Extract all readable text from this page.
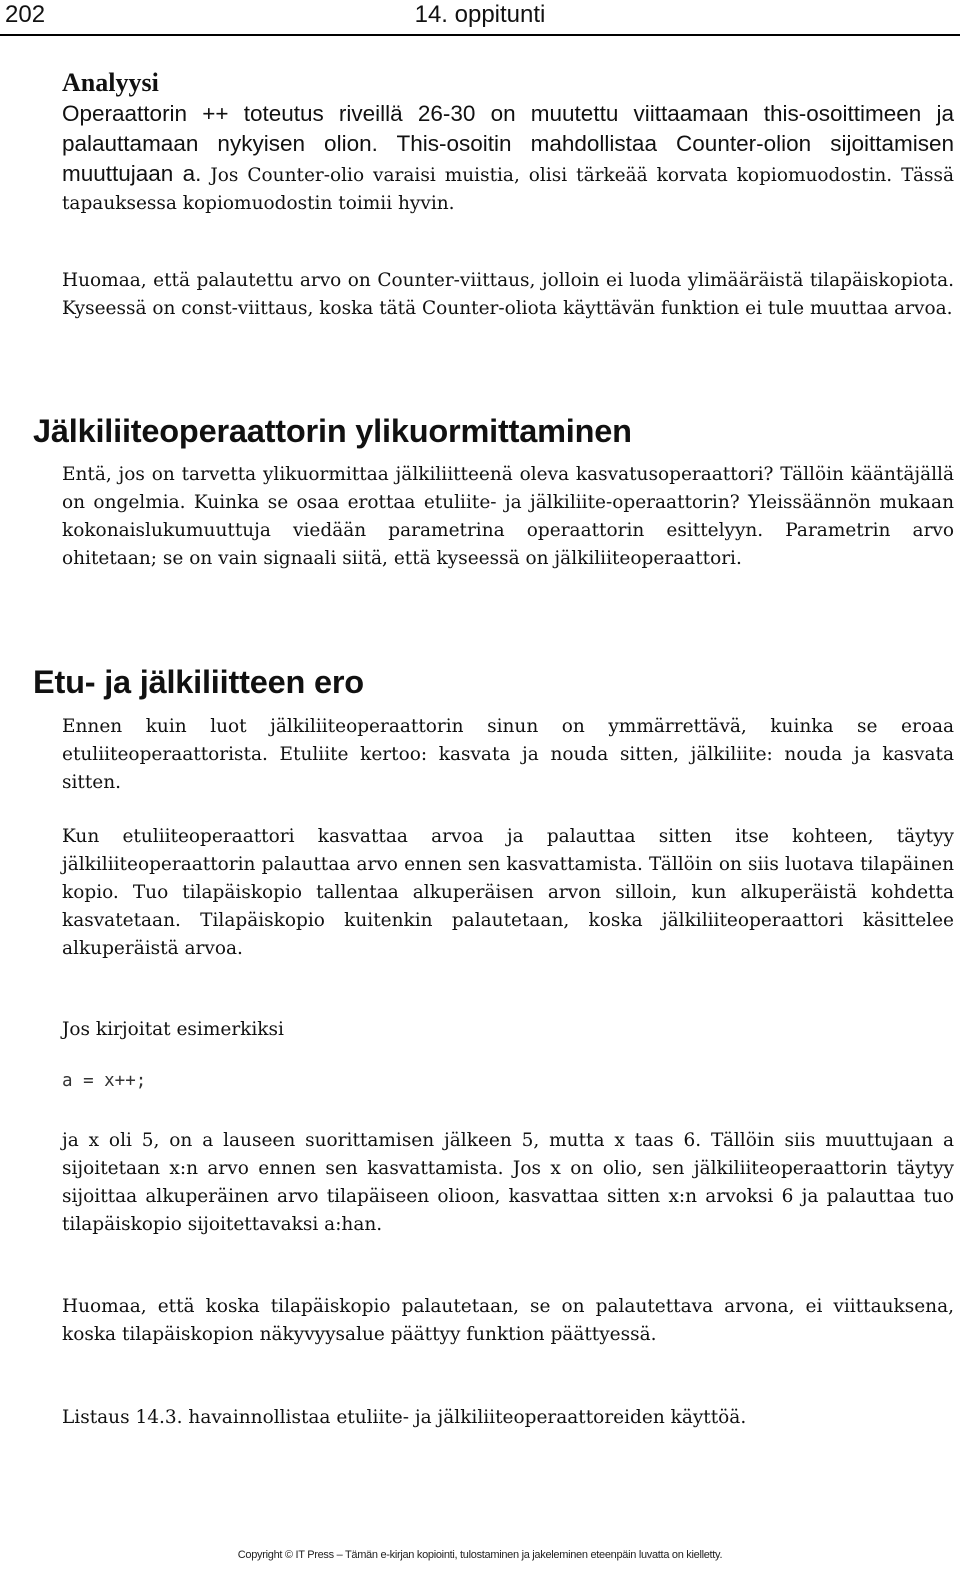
202	14. oppitunti
Analyysi

Operaattorin ++ toteutus riveillä 26-30 on muutettu viittaamaan this-osoittimeen ja palauttamaan nykyisen olion. This-osoitin mahdollistaa Counter-olion sijoittamisen muuttujaan a. Jos Counter-olio varaisi muistia, olisi tärkeää korvata kopiomuodostin. Tässä tapauksessa kopiomuodostin toimii hyvin.

Huomaa, että palautettu arvo on Counter-viittaus, jolloin ei luoda ylimääräistä tilapäiskopiota. Kyseessä on const-viittaus, koska tätä Counter-oliota käyttävän funktion ei tule muuttaa arvoa.

Jälkiliiteoperaattorin ylikuormittaminen

Entä, jos on tarvetta ylikuormittaa jälkiliitteenä oleva kasvatusoperaattori? Tällöin kääntäjällä on ongelmia. Kuinka se osaa erottaa etuliite- ja jälkiliite-operaattorin? Yleissäännön mukaan kokonaislukumuuttuja viedään parametrina operaattorin esittelyyn. Parametrin arvo ohitetaan; se on vain signaali siitä, että kyseessä on jälkiliiteoperaattori.

Etu- ja jälkiliitteen ero

Ennen kuin luot jälkiliiteoperaattorin sinun on ymmärrettävä, kuinka se eroaa etuliiteoperaattorista. Etuliite kertoo: kasvata ja nouda sitten, jälkiliite: nouda ja kasvata sitten.

Kun etuliiteoperaattori kasvattaa arvoa ja palauttaa sitten itse kohteen, täytyy jälkiliiteoperaattorin palauttaa arvo ennen sen kasvattamista. Tällöin on siis luotava tilapäinen kopio. Tuo tilapäiskopio tallentaa alkuperäisen arvon silloin, kun alkuperäistä kohdetta kasvatetaan. Tilapäiskopio kuitenkin palautetaan, koska jälkiliiteoperaattori käsittelee alkuperäistä arvoa.

Jos kirjoitat esimerkiksi

a = x++;

ja x oli 5, on a lauseen suorittamisen jälkeen 5, mutta x taas 6. Tällöin siis muuttujaan a sijoitetaan x:n arvo ennen sen kasvattamista. Jos x on olio, sen jälkiliiteoperaattorin täytyy sijoittaa alkuperäinen arvo tilapäiseen olioon, kasvattaa sitten x:n arvoksi 6 ja palauttaa tuo tilapäiskopio sijoitettavaksi a:han.

Huomaa, että koska tilapäiskopio palautetaan, se on palautettava arvona, ei viittauksena, koska tilapäiskopion näkyvyysalue päättyy funktion päättyessä.

Listaus 14.3. havainnollistaa etuliite- ja jälkiliiteoperaattoreiden käyttöä.

Copyright © IT Press – Tämän e-kirjan kopiointi, tulostaminen ja jakeleminen eteenpäin luvatta on kielletty.
